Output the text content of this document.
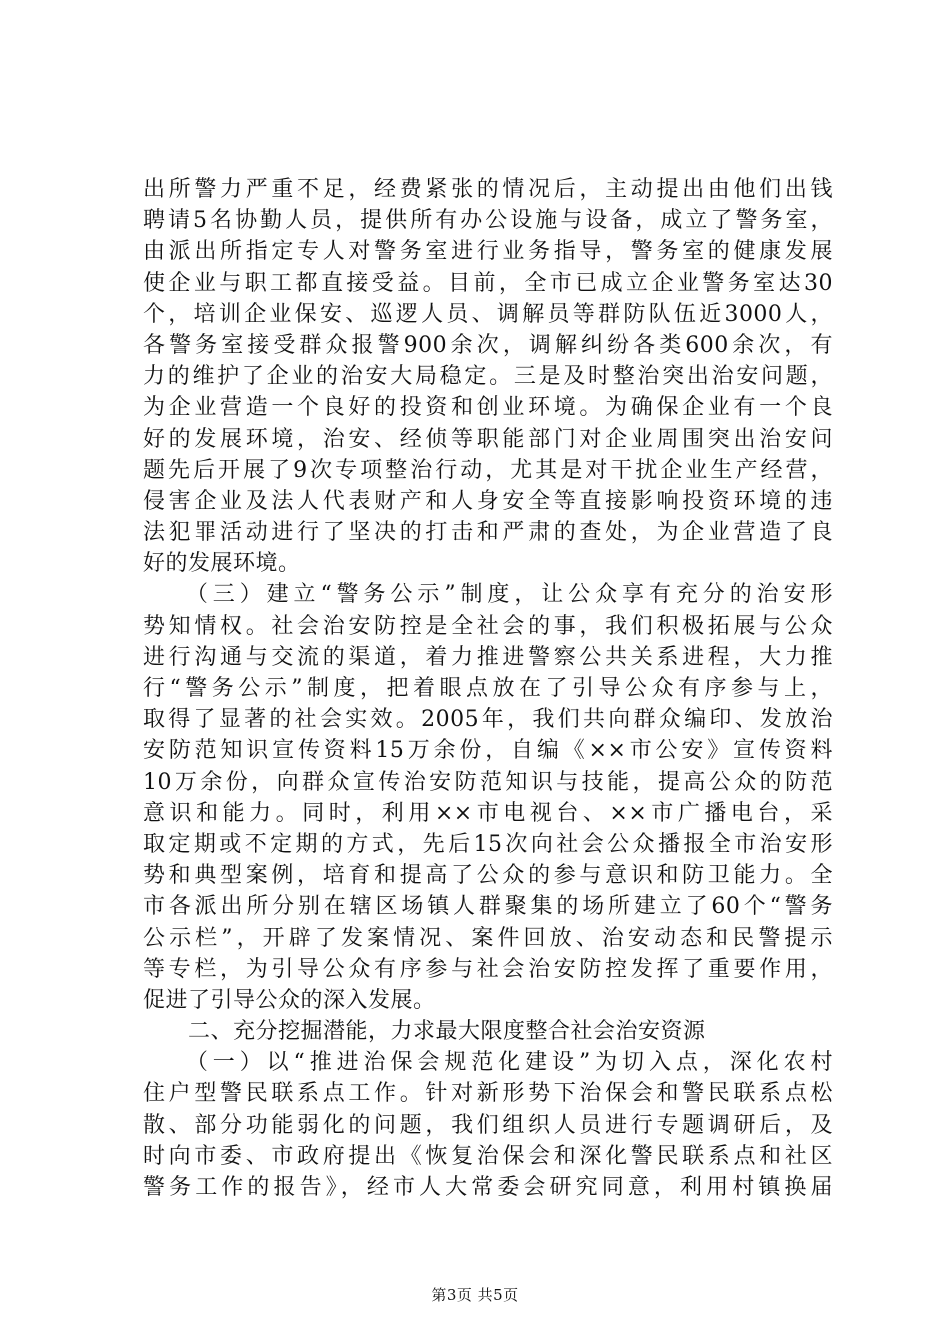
出所警力严重不足，经费紧张的情况后，主动提出由他们出钱
聘请5名协勤人员，提供所有办公设施与设备，成立了警务室，
由派出所指定专人对警务室进行业务指导，警务室的健康发展
使企业与职工都直接受益。目前，全市已成立企业警务室达30
个，培训企业保安、巡逻人员、调解员等群防队伍近3000人，
各警务室接受群众报警900余次，调解纠纷各类600余次，有
力的维护了企业的治安大局稳定。三是及时整治突出治安问题，
为企业营造一个良好的投资和创业环境。为确保企业有一个良
好的发展环境，治安、经侦等职能部门对企业周围突出治安问
题先后开展了9次专项整治行动，尤其是对干扰企业生产经营，
侵害企业及法人代表财产和人身安全等直接影响投资环境的违
法犯罪活动进行了坚决的打击和严肃的查处，为企业营造了良
好的发展环境。
　　（三）建立“警务公示”制度，让公众享有充分的治安形
势知情权。社会治安防控是全社会的事，我们积极拓展与公众
进行沟通与交流的渠道，着力推进警察公共关系进程，大力推
行“警务公示”制度，把着眼点放在了引导公众有序参与上，
取得了显著的社会实效。2005年，我们共向群众编印、发放治
安防范知识宣传资料15万余份，自编《××市公安》宣传资料
10万余份，向群众宣传治安防范知识与技能，提高公众的防范
意识和能力。同时，利用××市电视台、××市广播电台，采
取定期或不定期的方式，先后15次向社会公众播报全市治安形
势和典型案例，培育和提高了公众的参与意识和防卫能力。全
市各派出所分别在辖区场镇人群聚集的场所建立了60个“警务
公示栏”，开辟了发案情况、案件回放、治安动态和民警提示
等专栏，为引导公众有序参与社会治安防控发挥了重要作用，
促进了引导公众的深入发展。
　　二、充分挖掘潜能，力求最大限度整合社会治安资源
　　（一）以“推进治保会规范化建设”为切入点，深化农村
住户型警民联系点工作。针对新形势下治保会和警民联系点松
散、部分功能弱化的问题，我们组织人员进行专题调研后，及
时向市委、市政府提出《恢复治保会和深化警民联系点和社区
警务工作的报告》，经市人大常委会研究同意，利用村镇换届
第3页 共5页
